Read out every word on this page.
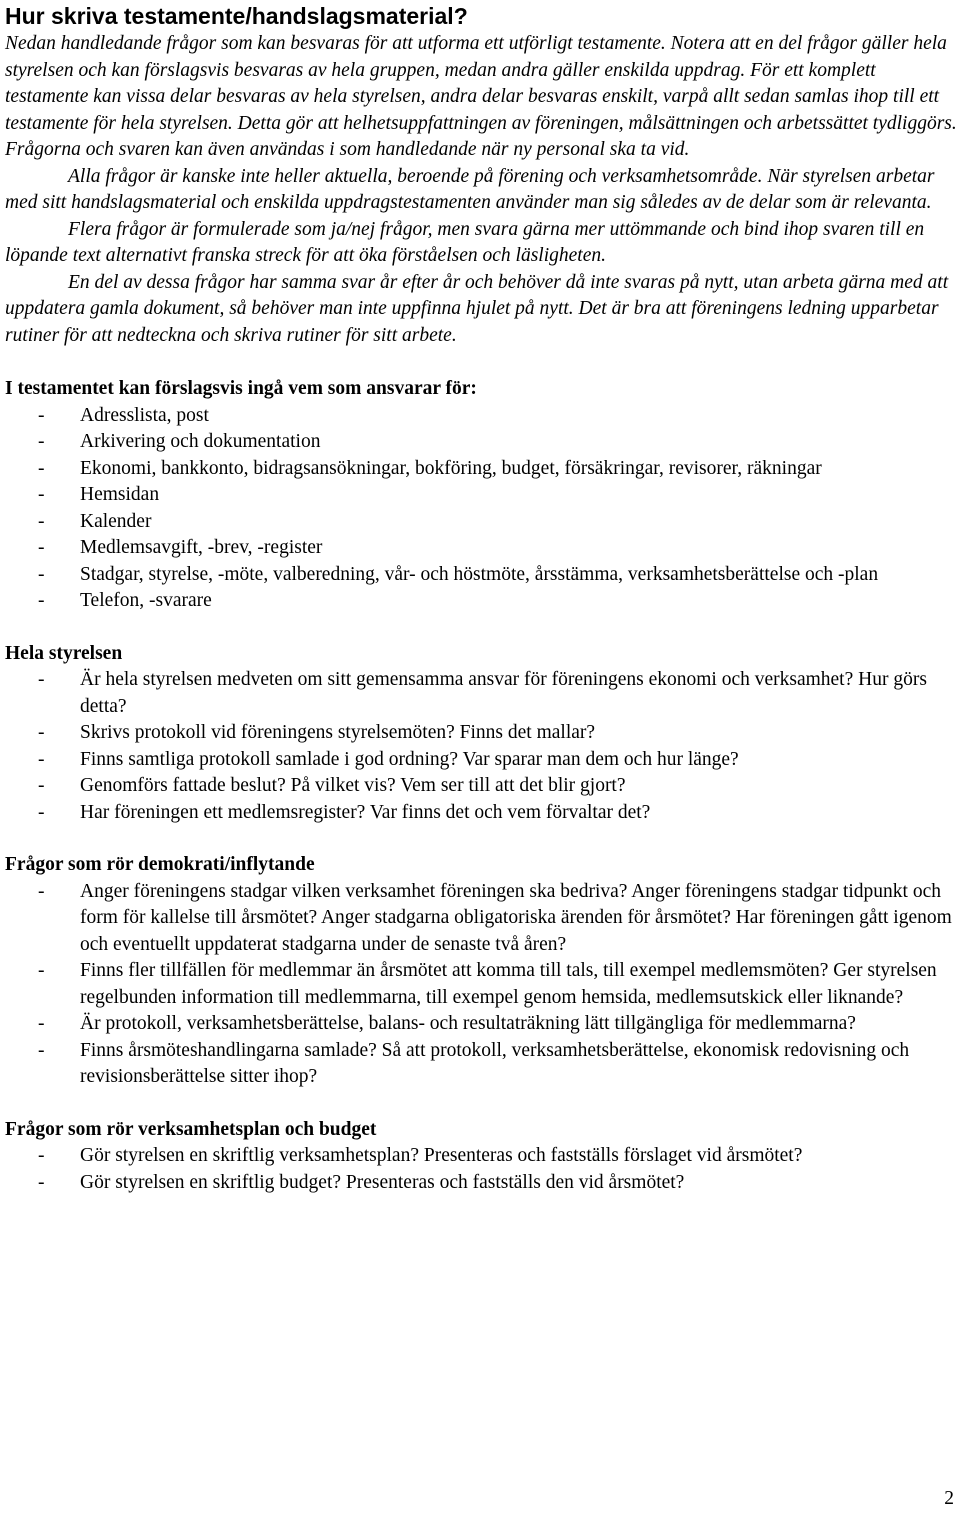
Hur skriva testamente/handslagsmaterial?

Nedan handledande frågor som kan besvaras för att utforma ett utförligt testamente. Notera att en del frågor gäller hela styrelsen och kan förslagsvis besvaras av hela gruppen, medan andra gäller enskilda uppdrag. För ett komplett testamente kan vissa delar besvaras av hela styrelsen, andra delar besvaras enskilt, varpå allt sedan samlas ihop till ett testamente för hela styrelsen. Detta gör att helhetsuppfattningen av föreningen, målsättningen och arbetssättet tydliggörs. Frågorna och svaren kan även användas i som handledande när ny personal ska ta vid.

Alla frågor är kanske inte heller aktuella, beroende på förening och verksamhetsområde. När styrelsen arbetar med sitt handslagsmaterial och enskilda uppdragstestamenten använder man sig således av de delar som är relevanta.

Flera frågor är formulerade som ja/nej frågor, men svara gärna mer uttömmande och bind ihop svaren till en löpande text alternativt franska streck för att öka förståelsen och läsligheten.

En del av dessa frågor har samma svar år efter år och behöver då inte svaras på nytt, utan arbeta gärna med att uppdatera gamla dokument, så behöver man inte uppfinna hjulet på nytt. Det är bra att föreningens ledning upparbetar rutiner för att nedteckna och skriva rutiner för sitt arbete.

I testamentet kan förslagsvis ingå vem som ansvarar för:

- Adresslista, post
- Arkivering och dokumentation
- Ekonomi, bankkonto, bidragsansökningar, bokföring, budget, försäkringar, revisorer, räkningar
- Hemsidan
- Kalender
- Medlemsavgift, -brev, -register
- Stadgar, styrelse, -möte, valberedning, vår- och höstmöte, årsstämma, verksamhetsberättelse och -plan
- Telefon, -svarare

Hela styrelsen

- Är hela styrelsen medveten om sitt gemensamma ansvar för föreningens ekonomi och verksamhet? Hur görs detta?
- Skrivs protokoll vid föreningens styrelsemöten? Finns det mallar?
- Finns samtliga protokoll samlade i god ordning? Var sparar man dem och hur länge?
- Genomförs fattade beslut? På vilket vis? Vem ser till att det blir gjort?
- Har föreningen ett medlemsregister? Var finns det och vem förvaltar det?

Frågor som rör demokrati/inflytande

- Anger föreningens stadgar vilken verksamhet föreningen ska bedriva? Anger föreningens stadgar tidpunkt och form för kallelse till årsmötet? Anger stadgarna obligatoriska ärenden för årsmötet? Har föreningen gått igenom och eventuellt uppdaterat stadgarna under de senaste två åren?
- Finns fler tillfällen för medlemmar än årsmötet att komma till tals, till exempel medlemsmöten? Ger styrelsen regelbunden information till medlemmarna, till exempel genom hemsida, medlemsutskick eller liknande?
- Är protokoll, verksamhetsberättelse, balans- och resultaträkning lätt tillgängliga för medlemmarna?
- Finns årsmöteshandlingarna samlade? Så att protokoll, verksamhetsberättelse, ekonomisk redovisning och revisionsberättelse sitter ihop?

Frågor som rör verksamhetsplan och budget

- Gör styrelsen en skriftlig verksamhetsplan? Presenteras och fastställs förslaget vid årsmötet?
- Gör styrelsen en skriftlig budget? Presenteras och fastställs den vid årsmötet?
2
